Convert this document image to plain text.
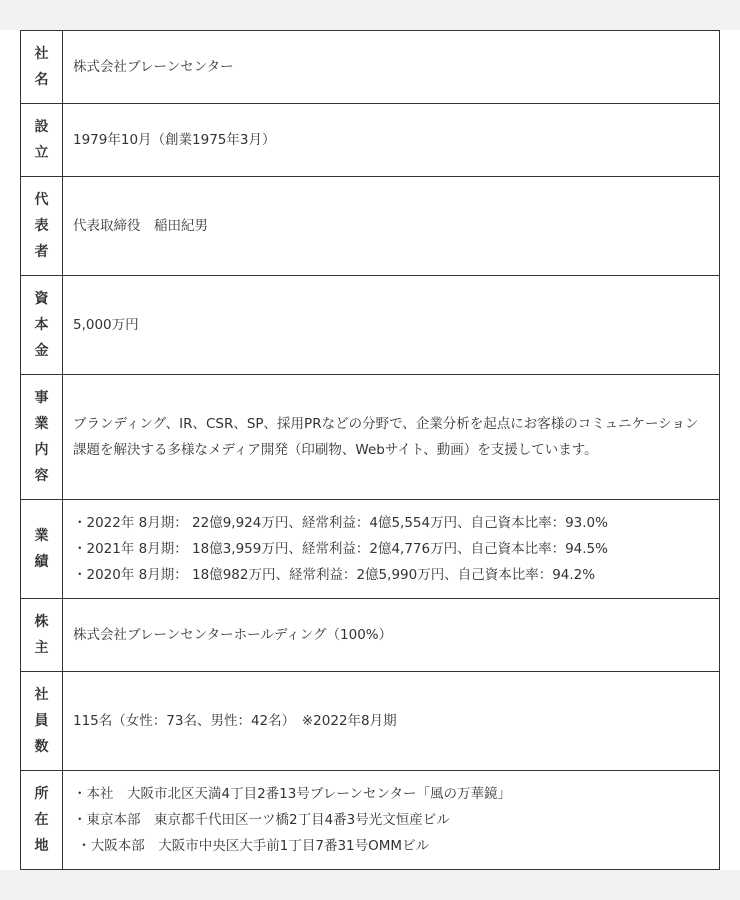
社名	株式会社ブレーンセンター

設立	1979年10月（創業1975年3月）

代表者	代表取締役　稲田紀男

資本金	5,000万円

事業内容	ブランディング、IR、CSR、SP、採用PRなどの分野で、企業分析を起点にお客様のコミュニケーション課題を解決する多様なメディア開発（印刷物、Webサイト、動画）を支援しています。

業績	・2022年 8月期： 22億9,924万円、経常利益：4億5,554万円、自己資本比率：93.0%
・2021年 8月期： 18億3,959万円、経常利益：2億4,776万円、自己資本比率：94.5%
・2020年 8月期： 18億982万円、経常利益：2億5,990万円、自己資本比率：94.2%

株主	株式会社ブレーンセンターホールディング（100%）

社員数	115名（女性：73名、男性：42名）　※2022年8月期

所在地	・本社　大阪市北区天満4丁目2番13号ブレーンセンター「風の万華鏡」
・東京本部　東京都千代田区一ツ橋2丁目4番3号光文恒産ビル
・大阪本部　大阪市中央区大手前1丁目7番31号OMMビル
